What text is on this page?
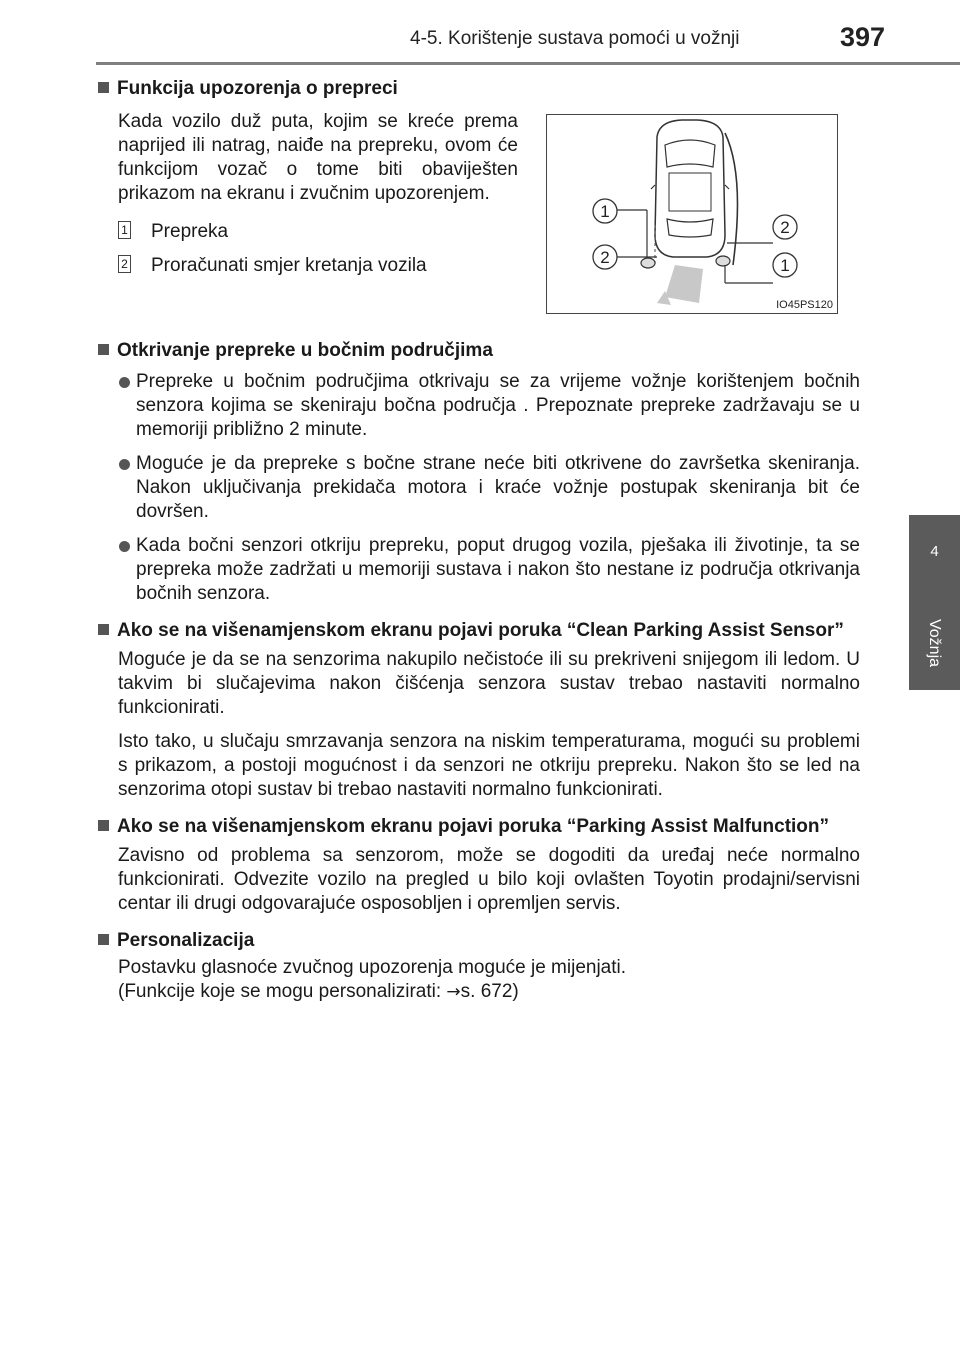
4-5. Korištenje sustava pomoći u vožnji	397
4
Vožnja
Funkcija upozorenja o prepreci
Kada vozilo duž puta, kojim se kreće prema naprijed ili natrag, naiđe na prepreku, ovom će funkcijom vozač o tome biti obaviješten prikazom na ekranu i zvučnim upozorenjem.
1 Prepreka
2 Proračunati smjer kretanja vozila
1
2
2
1
IO45PS120
Otkrivanje prepreke u bočnim područjima
Prepreke u bočnim područjima otkrivaju se za vrijeme vožnje korištenjem bočnih senzora kojima se skeniraju bočna područja . Prepoznate prepreke zadržavaju se u memoriji približno 2 minute.
Moguće je da prepreke s bočne strane neće biti otkrivene do završetka skeniranja. Nakon uključivanja prekidača motora i kraće vožnje postupak skeniranja bit će dovršen.
Kada bočni senzori otkriju prepreku, poput drugog vozila, pješaka ili životinje, ta se prepreka može zadržati u memoriji sustava i nakon što nestane iz područja otkrivanja bočnih senzora.
Ako se na višenamjenskom ekranu pojavi poruka “Clean Parking Assist Sensor”
Moguće je da se na senzorima nakupilo nečistoće ili su prekriveni snijegom ili ledom. U takvim bi slučajevima nakon čišćenja senzora sustav trebao nastaviti normalno funkcionirati.
Isto tako, u slučaju smrzavanja senzora na niskim temperaturama, mogući su problemi s prikazom, a postoji mogućnost i da senzori ne otkriju prepreku. Nakon što se led na senzorima otopi sustav bi trebao nastaviti normalno funkcionirati.
Ako se na višenamjenskom ekranu pojavi poruka “Parking Assist Malfunction”
Zavisno od problema sa senzorom, može se dogoditi da uređaj neće normalno funkcionirati. Odvezite vozilo na pregled u bilo koji ovlašten Toyotin prodajni/servisni centar ili drugi odgovarajuće osposobljen i opremljen servis.
Personalizacija
Postavku glasnoće zvučnog upozorenja moguće je mijenjati.
(Funkcije koje se mogu personalizirati: →s. 672)
